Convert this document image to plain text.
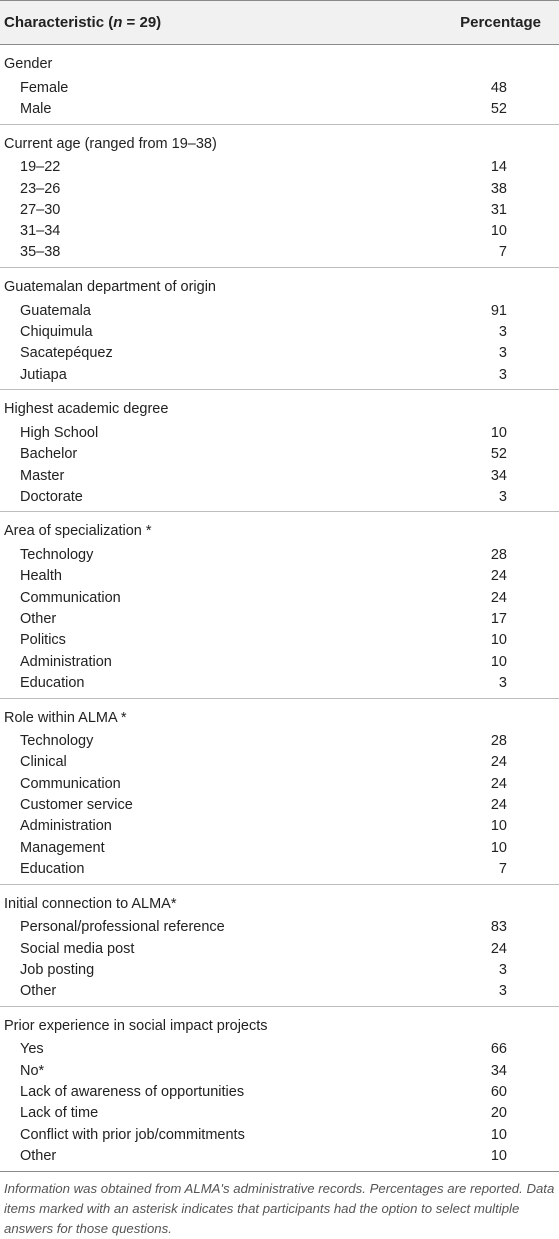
Characteristic (n = 29)	Percentage
Gender
Female	48
Male	52
Current age (ranged from 19–38)
19–22	14
23–26	38
27–30	31
31–34	10
35–38	7
Guatemalan department of origin
Guatemala	91
Chiquimula	3
Sacatepéquez	3
Jutiapa	3
Highest academic degree
High School	10
Bachelor	52
Master	34
Doctorate	3
Area of specialization *
Technology	28
Health	24
Communication	24
Other	17
Politics	10
Administration	10
Education	3
Role within ALMA *
Technology	28
Clinical	24
Communication	24
Customer service	24
Administration	10
Management	10
Education	7
Initial connection to ALMA*
Personal/professional reference	83
Social media post	24
Job posting	3
Other	3
Prior experience in social impact projects
Yes	66
No*	34
Lack of awareness of opportunities	60
Lack of time	20
Conflict with prior job/commitments	10
Other	10
Information was obtained from ALMA's administrative records. Percentages are reported. Data items marked with an asterisk indicates that participants had the option to select multiple answers for those questions.
